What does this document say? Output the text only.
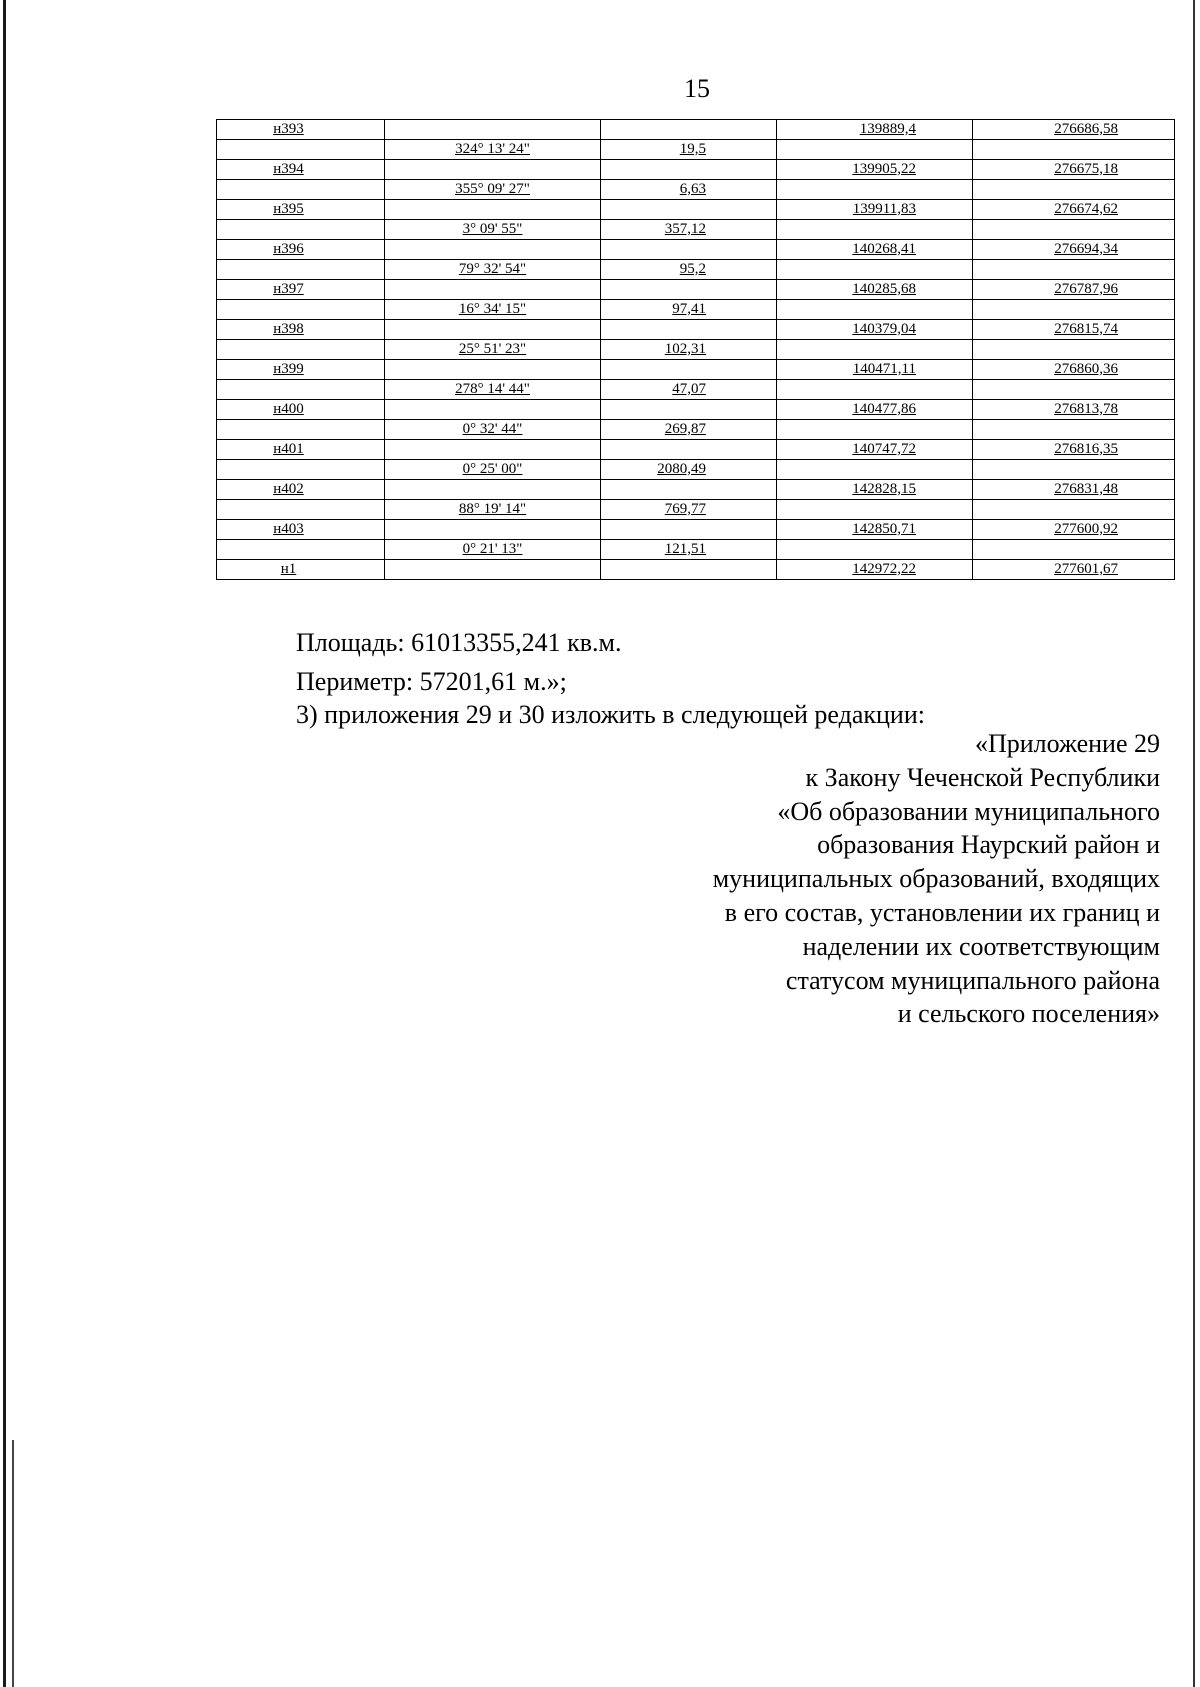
15
н393			139889,4	276686,58
	324° 13' 24"	19,5		
н394			139905,22	276675,18
	355° 09' 27"	6,63		
н395			139911,83	276674,62
	3° 09' 55"	357,12		
н396			140268,41	276694,34
	79° 32' 54"	95,2		
н397			140285,68	276787,96
	16° 34' 15"	97,41		
н398			140379,04	276815,74
	25° 51' 23"	102,31		
н399			140471,11	276860,36
	278° 14' 44"	47,07		
н400			140477,86	276813,78
	0° 32' 44"	269,87		
н401			140747,72	276816,35
	0° 25' 00"	2080,49		
н402			142828,15	276831,48
	88° 19' 14"	769,77		
н403			142850,71	277600,92
	0° 21' 13"	121,51		
н1			142972,22	277601,67
Площадь: 61013355,241 кв.м.
Периметр: 57201,61 м.»;
3) приложения 29 и 30 изложить в следующей редакции:
«Приложение 29
к Закону Чеченской Республики
«Об образовании муниципального
образования Наурский район и
муниципальных образований, входящих
в его состав, установлении их границ и
наделении их соответствующим
статусом муниципального района
и сельского поселения»
